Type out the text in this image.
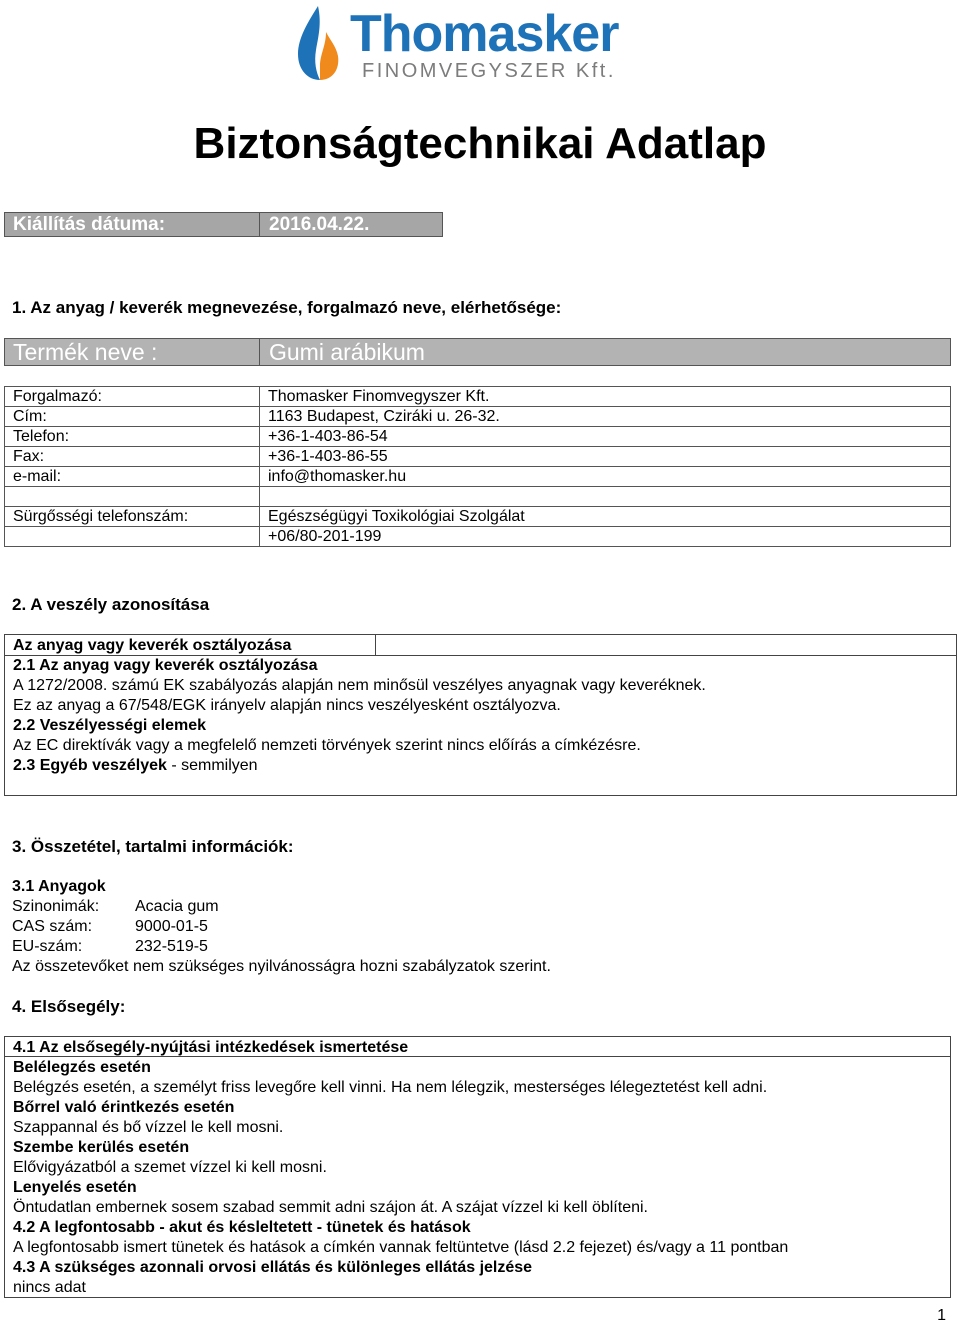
Thomasker
FINOMVEGYSZER Kft.
Biztonságtechnikai Adatlap
Kiállítás dátuma:	2016.04.22.
1. Az anyag / keverék megnevezése, forgalmazó neve, elérhetősége:
Termék neve :	Gumi arábikum
Forgalmazó:	Thomasker Finomvegyszer Kft.
Cím:	1163 Budapest, Cziráki u. 26-32.
Telefon:	+36-1-403-86-54
Fax:	+36-1-403-86-55
e-mail:	info@thomasker.hu

Sürgősségi telefonszám:	Egészségügyi Toxikológiai Szolgálat
	+06/80-201-199
2. A veszély azonosítása
Az anyag vagy keverék osztályozása
2.1 Az anyag vagy keverék osztályozása
A 1272/2008. számú EK szabályozás alapján nem minősül veszélyes anyagnak vagy keveréknek.
Ez az anyag a 67/548/EGK irányelv alapján nincs veszélyesként osztályozva.
2.2 Veszélyességi elemek
Az EC direktívák vagy a megfelelő nemzeti törvények szerint nincs előírás a címkézésre.
2.3 Egyéb veszélyek - semmilyen
3. Összetétel, tartalmi információk:
3.1 Anyagok
Szinonimák: Acacia gum
CAS szám:	9000-01-5
EU-szám:	232-519-5
Az összetevőket nem szükséges nyilvánosságra hozni szabályzatok szerint.
4. Elsősegély:
4.1 Az elsősegély-nyújtási intézkedések ismertetése
Belélegzés esetén
Belégzés esetén, a személyt friss levegőre kell vinni. Ha nem lélegzik, mesterséges lélegeztetést kell adni.
Bőrrel való érintkezés esetén
Szappannal és bő vízzel le kell mosni.
Szembe kerülés esetén
Elővigyázatból a szemet vízzel ki kell mosni.
Lenyelés esetén
Öntudatlan embernek sosem szabad semmit adni szájon át. A szájat vízzel ki kell öblíteni.
4.2 A legfontosabb - akut és késleltetett - tünetek és hatások
A legfontosabb ismert tünetek és hatások a címkén vannak feltüntetve (lásd 2.2 fejezet) és/vagy a 11 pontban
4.3 A szükséges azonnali orvosi ellátás és különleges ellátás jelzése
nincs adat
1
